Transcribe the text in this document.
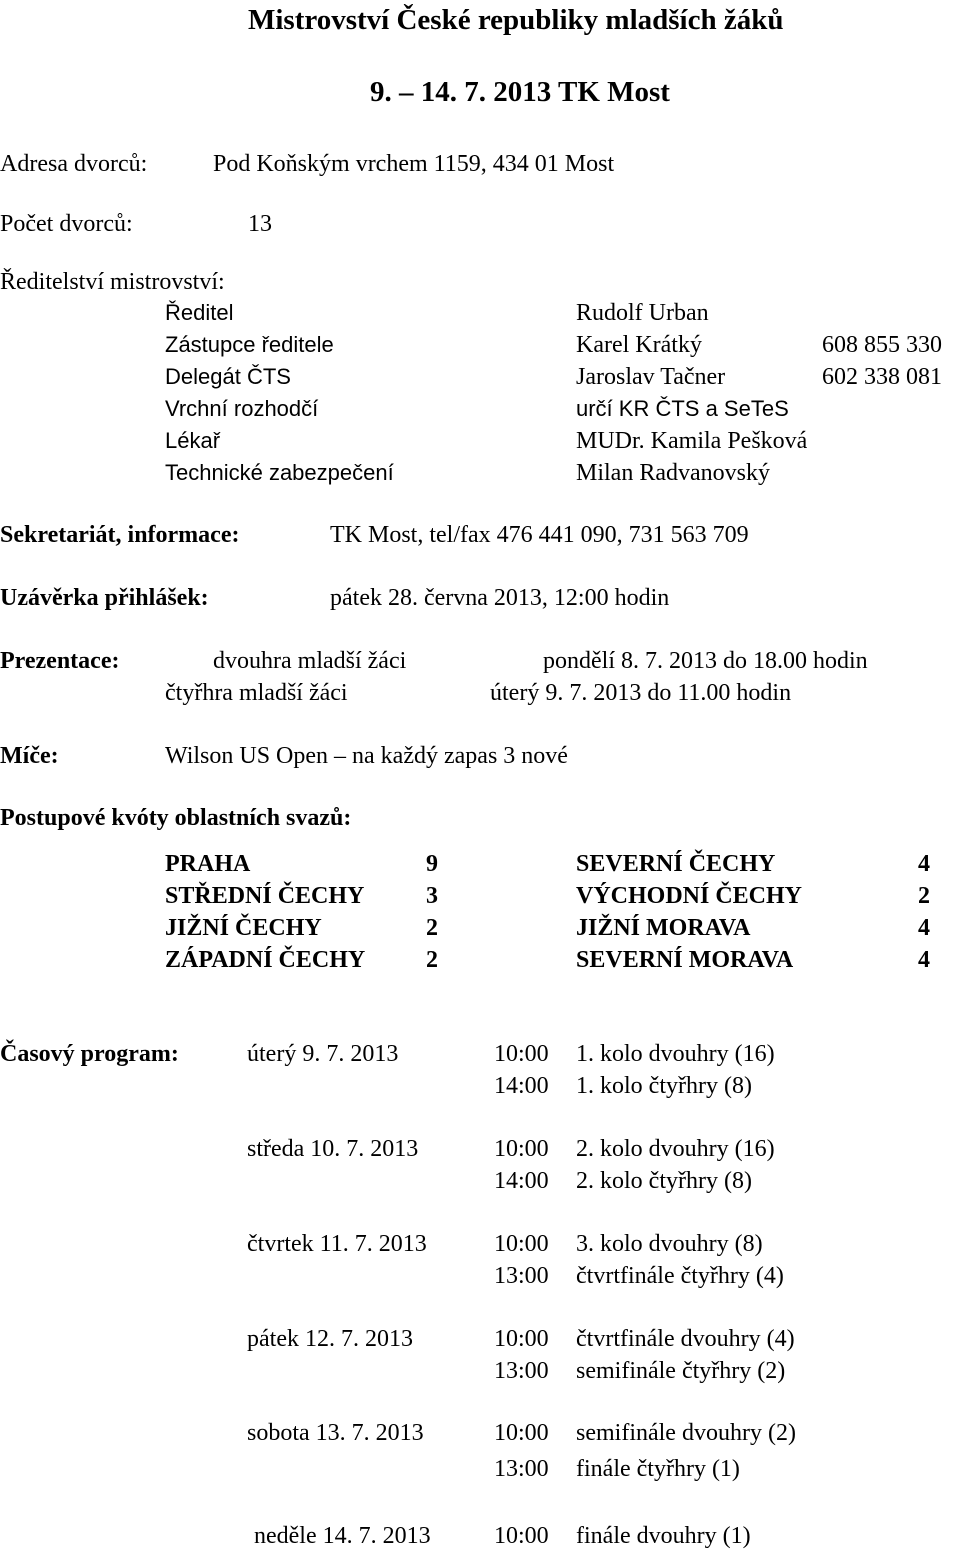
Mistrovství České republiky mladších žáků
9. – 14. 7. 2013 TK Most
Adresa dvorců:	Pod Koňským vrchem 1159, 434 01 Most
Počet dvorců:	13
Ředitelství mistrovství:
Ředitel	Rudolf Urban
Zástupce ředitele	Karel Krátký	608 855 330
Delegát ČTS	Jaroslav Tačner	602 338 081
Vrchní rozhodčí	určí KR ČTS a SeTeS
Lékař	MUDr. Kamila Pešková
Technické zabezpečení	Milan Radvanovský
Sekretariát, informace:	TK Most, tel/fax 476 441 090, 731 563 709
Uzávěrka přihlášek:	pátek 28. června 2013, 12:00 hodin
Prezentace:	dvouhra mladší žáci	pondělí 8. 7. 2013 do 18.00 hodin
čtyřhra mladší žáci	úterý 9. 7. 2013 do 11.00 hodin
Míče:	Wilson US Open – na každý zapas 3 nové
Postupové kvóty oblastních svazů:
PRAHA	9	SEVERNÍ ČECHY	4
STŘEDNÍ ČECHY	3	VÝCHODNÍ ČECHY	2
JIŽNÍ ČECHY	2	JIŽNÍ MORAVA	4
ZÁPADNÍ ČECHY	2	SEVERNÍ MORAVA	4
Časový program:	úterý 9. 7. 2013	10:00 1. kolo dvouhry (16)
14:00 1. kolo čtyřhry (8)
středa 10. 7. 2013	10:00 2. kolo dvouhry (16)
14:00 2. kolo čtyřhry (8)
čtvrtek 11. 7. 2013	10:00 3. kolo dvouhry (8)
13:00 čtvrtfinále čtyřhry (4)
pátek 12. 7. 2013	10:00 čtvrtfinále dvouhry (4)
13:00 semifinále čtyřhry (2)
sobota 13. 7. 2013	10:00 semifinále dvouhry (2)
13:00 finále čtyřhry (1)
neděle 14. 7. 2013	10:00 finále dvouhry (1)
